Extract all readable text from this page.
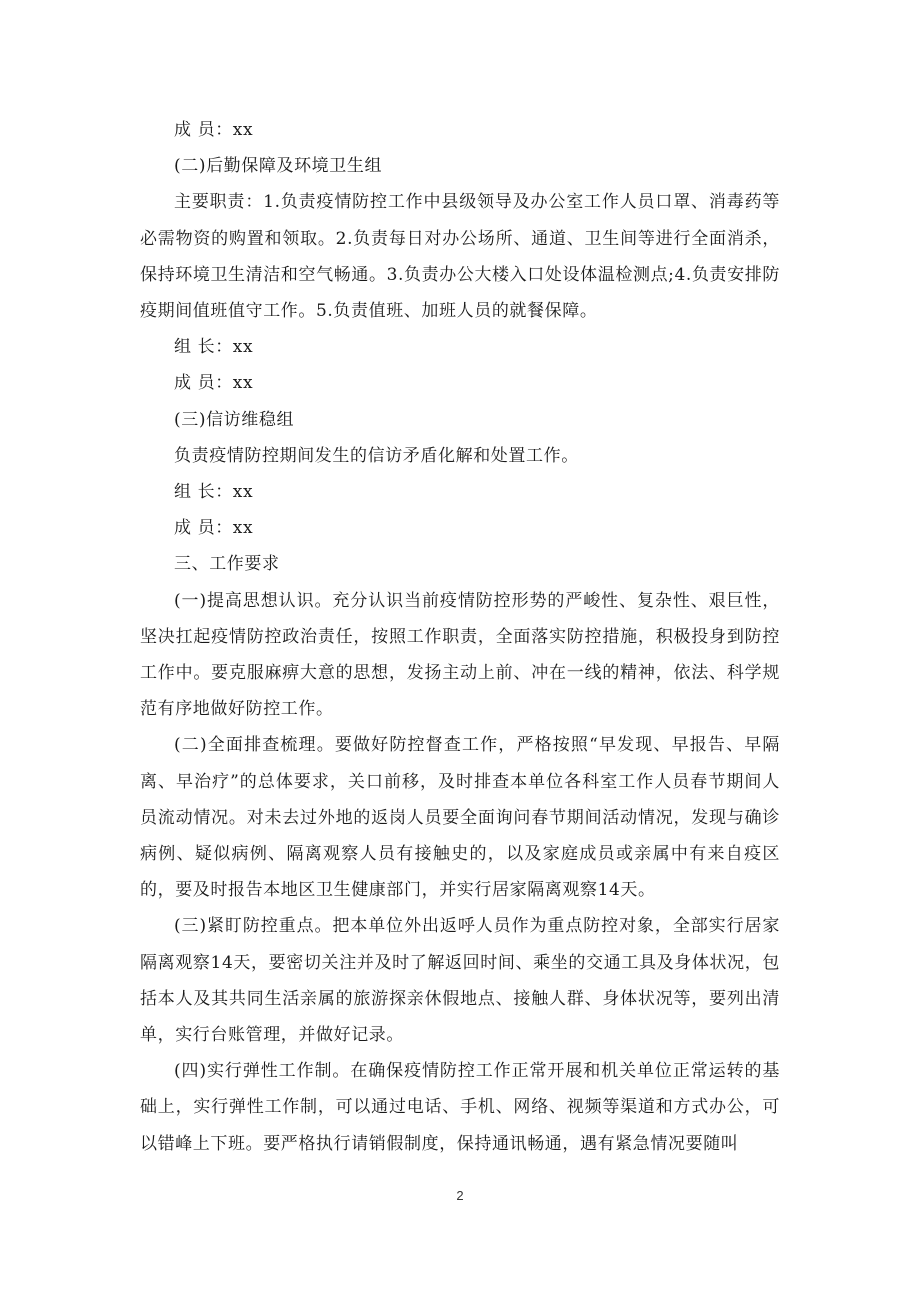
成 员：xx

(二)后勤保障及环境卫生组

主要职责：1.负责疫情防控工作中县级领导及办公室工作人员口罩、消毒药等必需物资的购置和领取。2.负责每日对办公场所、通道、卫生间等进行全面消杀，保持环境卫生清洁和空气畅通。3.负责办公大楼入口处设体温检测点;4.负责安排防疫期间值班值守工作。5.负责值班、加班人员的就餐保障。

组 长：xx

成 员：xx

(三)信访维稳组

负责疫情防控期间发生的信访矛盾化解和处置工作。

组 长：xx

成 员：xx

三、工作要求

(一)提高思想认识。充分认识当前疫情防控形势的严峻性、复杂性、艰巨性，坚决扛起疫情防控政治责任，按照工作职责，全面落实防控措施，积极投身到防控工作中。要克服麻痹大意的思想，发扬主动上前、冲在一线的精神，依法、科学规范有序地做好防控工作。

(二)全面排查梳理。要做好防控督查工作，严格按照“早发现、早报告、早隔离、早治疗”的总体要求，关口前移，及时排查本单位各科室工作人员春节期间人员流动情况。对未去过外地的返岗人员要全面询问春节期间活动情况，发现与确诊病例、疑似病例、隔离观察人员有接触史的，以及家庭成员或亲属中有来自疫区的，要及时报告本地区卫生健康部门，并实行居家隔离观察14天。

(三)紧盯防控重点。把本单位外出返呼人员作为重点防控对象，全部实行居家隔离观察14天，要密切关注并及时了解返回时间、乘坐的交通工具及身体状况，包括本人及其共同生活亲属的旅游探亲休假地点、接触人群、身体状况等，要列出清单，实行台账管理，并做好记录。

(四)实行弹性工作制。在确保疫情防控工作正常开展和机关单位正常运转的基础上，实行弹性工作制，可以通过电话、手机、网络、视频等渠道和方式办公，可以错峰上下班。要严格执行请销假制度，保持通讯畅通，遇有紧急情况要随叫

2
